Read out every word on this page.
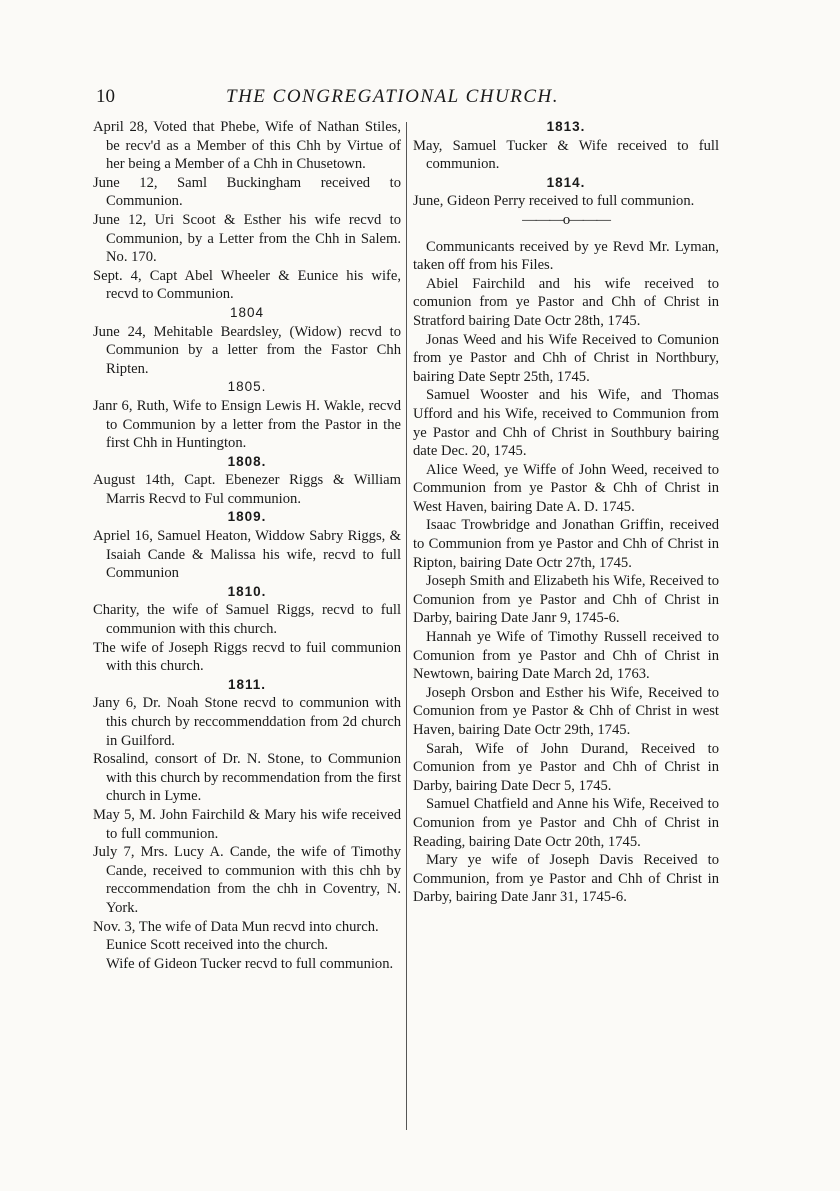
10	THE CONGREGATIONAL CHURCH.
April 28, Voted that Phebe, Wife of Nathan Stiles, be recv'd as a Member of this Chh by Virtue of her being a Member of a Chh in Chusetown.
June 12, Saml Buckingham received to Communion.
June 12, Uri Scoot & Esther his wife recvd to Communion, by a Letter from the Chh in Salem. No. 170.
Sept. 4, Capt Abel Wheeler & Eunice his wife, recvd to Communion.
1804
June 24, Mehitable Beardsley, (Widow) recvd to Communion by a letter from the Fastor Chh Ripten.
1805.
Janr 6, Ruth, Wife to Ensign Lewis H. Wakle, recvd to Communion by a letter from the Pastor in the first Chh in Huntington.
1808.
August 14th, Capt. Ebenezer Riggs & William Marris Recvd to Ful communion.
1809.
Apriel 16, Samuel Heaton, Widdow Sabry Riggs, & Isaiah Cande & Malissa his wife, recvd to full Communion
1810.
Charity, the wife of Samuel Riggs, recvd to full communion with this church.
The wife of Joseph Riggs recvd to fuil communion with this church.
1811.
Jany 6, Dr. Noah Stone recvd to communion with this church by reccommenddation from 2d church in Guilford.
Rosalind, consort of Dr. N. Stone, to Communion with this church by recommendation from the first church in Lyme.
May 5, M. John Fairchild & Mary his wife received to full communion.
July 7, Mrs. Lucy A. Cande, the wife of Timothy Cande, received to communion with this chh by reccommendation from the chh in Coventry, N. York.
Nov. 3, The wife of Data Mun recvd into church.
Eunice Scott received into the church.
Wife of Gideon Tucker recvd to full communion.
1813.
May, Samuel Tucker & Wife received to full communion.
1814.
June, Gideon Perry received to full communion.
———o———
Communicants received by ye Revd Mr. Lyman, taken off from his Files.
Abiel Fairchild and his wife received to comunion from ye Pastor and Chh of Christ in Stratford bairing Date Octr 28th, 1745.
Jonas Weed and his Wife Received to Comunion from ye Pastor and Chh of Christ in Northbury, bairing Date Septr 25th, 1745.
Samuel Wooster and his Wife, and Thomas Ufford and his Wife, received to Communion from ye Pastor and Chh of Christ in Southbury bairing date Dec. 20, 1745.
Alice Weed, ye Wiffe of John Weed, received to Communion from ye Pastor & Chh of Christ in West Haven, bairing Date A. D. 1745.
Isaac Trowbridge and Jonathan Griffin, received to Communion from ye Pastor and Chh of Christ in Ripton, bairing Date Octr 27th, 1745.
Joseph Smith and Elizabeth his Wife, Received to Comunion from ye Pastor and Chh of Christ in Darby, bairing Date Janr 9, 1745-6.
Hannah ye Wife of Timothy Russell received to Comunion from ye Pastor and Chh of Christ in Newtown, bairing Date March 2d, 1763.
Joseph Orsbon and Esther his Wife, Received to Comunion from ye Pastor & Chh of Christ in west Haven, bairing Date Octr 29th, 1745.
Sarah, Wife of John Durand, Received to Comunion from ye Pastor and Chh of Christ in Darby, bairing Date Decr 5, 1745.
Samuel Chatfield and Anne his Wife, Received to Comunion from ye Pastor and Chh of Christ in Reading, bairing Date Octr 20th, 1745.
Mary ye wife of Joseph Davis Received to Communion, from ye Pastor and Chh of Christ in Darby, bairing Date Janr 31, 1745-6.
